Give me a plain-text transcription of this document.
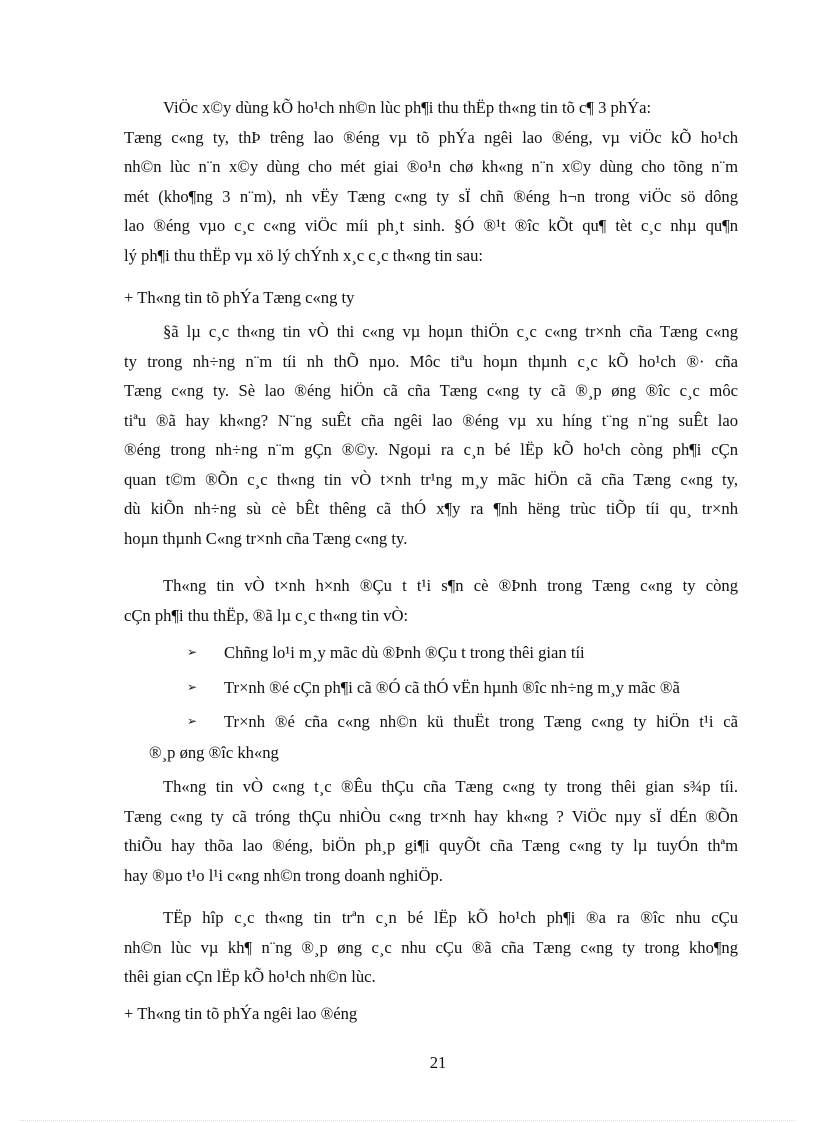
ViÖc x©y dùng kÕ ho¹ch nh©n lùc ph¶i thu thËp th«ng tin tõ c¶ 3 phÝa:
Tæng c«ng ty, thÞ trêng lao ®éng vµ tõ phÝa ngêi lao ®éng, vµ viÖc kÕ ho¹ch
nh©n lùc n¨n x©y dùng cho mét giai ®o¹n chø kh«ng n¨n x©y dùng cho tõng n¨m
mét (kho¶ng 3 n¨m), nh vËy Tæng c«ng ty sÏ chñ ®éng h¬n trong viÖc sö dông
lao ®éng vµo c¸c c«ng viÖc míi ph¸t sinh. §Ó ®¹t ®îc kÕt qu¶ tèt c¸c nhµ qu¶n
lý ph¶i thu thËp vµ xö lý chÝnh x¸c c¸c th«ng tin sau:
+ Th«ng tin tõ phÝa Tæng c«ng ty
§ã lµ c¸c th«ng tin vÒ thi c«ng vµ hoµn thiÖn c¸c c«ng tr×nh cña Tæng c«ng
ty trong nh÷ng n¨m tíi nh thÕ nµo. Môc tiªu hoµn thµnh c¸c kÕ ho¹ch ®· cña
Tæng c«ng ty. Sè lao ®éng hiÖn cã cña Tæng c«ng ty cã ®¸p øng ®îc c¸c môc
tiªu ®ã hay kh«ng? N¨ng suÊt cña ngêi lao ®éng vµ xu híng t¨ng n¨ng suÊt lao
®éng trong nh÷ng n¨m gÇn ®©y. Ngoµi ra c¸n bé lËp kÕ ho¹ch còng ph¶i cÇn
quan t©m ®Õn c¸c th«ng tin vÒ t×nh tr¹ng m¸y mãc hiÖn cã cña Tæng c«ng ty,
dù kiÕn nh÷ng sù cè bÊt thêng cã thÓ x¶y ra ¶nh hëng trùc tiÕp tíi qu¸ tr×nh
hoµn thµnh C«ng tr×nh cña Tæng c«ng ty.
Th«ng tin vÒ t×nh h×nh ®Çu t t¹i s¶n cè ®Þnh trong Tæng c«ng ty còng
cÇn ph¶i thu thËp, ®ã lµ c¸c th«ng tin vÒ:
➢ Chñng lo¹i m¸y mãc dù ®Þnh ®Çu t trong thêi gian tíi
➢ Tr×nh ®é cÇn ph¶i cã ®Ó cã thÓ vËn hµnh ®îc nh÷ng m¸y mãc ®ã
➢ Tr×nh ®é cña c«ng nh©n kü thuËt trong Tæng c«ng ty hiÖn t¹i cã
®¸p øng ®îc kh«ng
Th«ng tin vÒ c«ng t¸c ®Êu thÇu cña Tæng c«ng ty trong thêi gian s¾p tíi.
Tæng c«ng ty cã tróng thÇu nhiÒu c«ng tr×nh hay kh«ng ? ViÖc nµy sÏ dÉn ®Õn
thiÕu hay thõa lao ®éng, biÖn ph¸p gi¶i quyÕt cña Tæng c«ng ty lµ tuyÓn thªm
hay ®µo t¹o l¹i c«ng nh©n trong doanh nghiÖp.
TËp hîp c¸c th«ng tin trªn c¸n bé lËp kÕ ho¹ch ph¶i ®a ra ®îc nhu cÇu
nh©n lùc vµ kh¶ n¨ng ®¸p øng c¸c nhu cÇu ®ã cña Tæng c«ng ty trong kho¶ng
thêi gian cÇn lËp kÕ ho¹ch nh©n lùc.
+ Th«ng tin tõ phÝa ngêi lao ®éng
21
